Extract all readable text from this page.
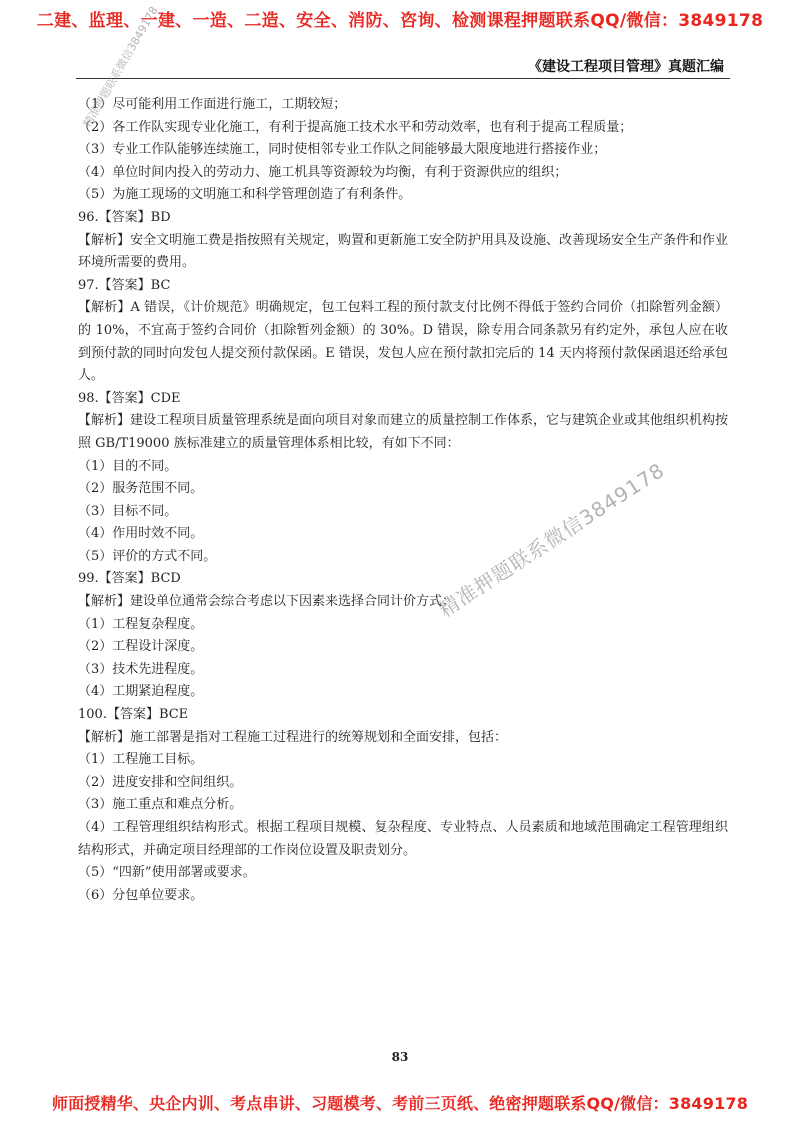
二建、监理、一建、一造、二造、安全、消防、咨询、检测课程押题联系QQ/微信：3849178
《建设工程项目管理》真题汇编
（1）尽可能利用工作面进行施工，工期较短；
（2）各工作队实现专业化施工，有利于提高施工技术水平和劳动效率，也有利于提高工程质量；
（3）专业工作队能够连续施工，同时使相邻专业工作队之间能够最大限度地进行搭接作业；
（4）单位时间内投入的劳动力、施工机具等资源较为均衡，有利于资源供应的组织；
（5）为施工现场的文明施工和科学管理创造了有利条件。
96.【答案】BD
【解析】安全文明施工费是指按照有关规定，购置和更新施工安全防护用具及设施、改善现场安全生产条件和作业环境所需要的费用。
97.【答案】BC
【解析】A 错误，《计价规范》明确规定，包工包料工程的预付款支付比例不得低于签约合同价（扣除暂列金额）的 10%，不宜高于签约合同价（扣除暂列金额）的 30%。D 错误，除专用合同条款另有约定外，承包人应在收到预付款的同时向发包人提交预付款保函。E 错误，发包人应在预付款扣完后的 14 天内将预付款保函退还给承包人。
98.【答案】CDE
【解析】建设工程项目质量管理系统是面向项目对象而建立的质量控制工作体系，它与建筑企业或其他组织机构按照 GB/T19000 族标准建立的质量管理体系相比较，有如下不同：
（1）目的不同。
（2）服务范围不同。
（3）目标不同。
（4）作用时效不同。
（5）评价的方式不同。
99.【答案】BCD
【解析】建设单位通常会综合考虑以下因素来选择合同计价方式：
（1）工程复杂程度。
（2）工程设计深度。
（3）技术先进程度。
（4）工期紧迫程度。
100.【答案】BCE
【解析】施工部署是指对工程施工过程进行的统筹规划和全面安排，包括：
（1）工程施工目标。
（2）进度安排和空间组织。
（3）施工重点和难点分析。
（4）工程管理组织结构形式。根据工程项目规模、复杂程度、专业特点、人员素质和地域范围确定工程管理组织结构形式，并确定项目经理部的工作岗位设置及职责划分。
（5）“四新”使用部署或要求。
（6）分包单位要求。
精准押题联系微信3849178
精准押题联系微信3849178
83
师面授精华、央企内训、考点串讲、习题模考、考前三页纸、绝密押题联系QQ/微信：3849178
